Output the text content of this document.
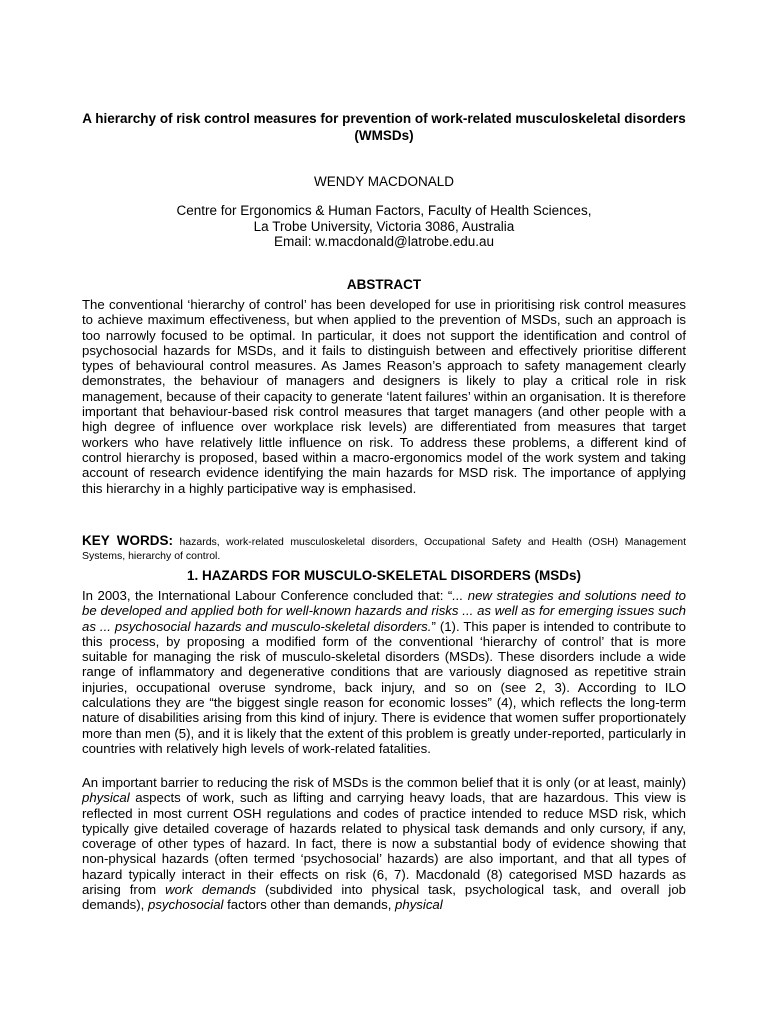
A hierarchy of risk control measures for prevention of work-related musculoskeletal disorders (WMSDs)
WENDY MACDONALD
Centre for Ergonomics & Human Factors, Faculty of Health Sciences,
La Trobe University, Victoria 3086, Australia
Email: w.macdonald@latrobe.edu.au
ABSTRACT

The conventional ‘hierarchy of control’ has been developed for use in prioritising risk control measures to achieve maximum effectiveness, but when applied to the prevention of MSDs, such an approach is too narrowly focused to be optimal. In particular, it does not support the identification and control of psychosocial hazards for MSDs, and it fails to distinguish between and effectively prioritise different types of behavioural control measures. As James Reason’s approach to safety management clearly demonstrates, the behaviour of managers and designers is likely to play a critical role in risk management, because of their capacity to generate ‘latent failures’ within an organisation. It is therefore important that behaviour-based risk control measures that target managers (and other people with a high degree of influence over workplace risk levels) are differentiated from measures that target workers who have relatively little influence on risk. To address these problems, a different kind of control hierarchy is proposed, based within a macro-ergonomics model of the work system and taking account of research evidence identifying the main hazards for MSD risk. The importance of applying this hierarchy in a highly participative way is emphasised.

KEY WORDS: hazards, work-related musculoskeletal disorders, Occupational Safety and Health (OSH) Management Systems, hierarchy of control.

1. HAZARDS FOR MUSCULO-SKELETAL DISORDERS (MSDs)

In 2003, the International Labour Conference concluded that: “... new strategies and solutions need to be developed and applied both for well-known hazards and risks ... as well as for emerging issues such as ... psychosocial hazards and musculo-skeletal disorders.” (1). This paper is intended to contribute to this process, by proposing a modified form of the conventional ‘hierarchy of control’ that is more suitable for managing the risk of musculo-skeletal disorders (MSDs). These disorders include a wide range of inflammatory and degenerative conditions that are variously diagnosed as repetitive strain injuries, occupational overuse syndrome, back injury, and so on (see 2, 3). According to ILO calculations they are “the biggest single reason for economic losses” (4), which reflects the long-term nature of disabilities arising from this kind of injury. There is evidence that women suffer proportionately more than men (5), and it is likely that the extent of this problem is greatly under-reported, particularly in countries with relatively high levels of work-related fatalities.

An important barrier to reducing the risk of MSDs is the common belief that it is only (or at least, mainly) physical aspects of work, such as lifting and carrying heavy loads, that are hazardous. This view is reflected in most current OSH regulations and codes of practice intended to reduce MSD risk, which typically give detailed coverage of hazards related to physical task demands and only cursory, if any, coverage of other types of hazard. In fact, there is now a substantial body of evidence showing that non-physical hazards (often termed ‘psychosocial’ hazards) are also important, and that all types of hazard typically interact in their effects on risk (6, 7). Macdonald (8) categorised MSD hazards as arising from work demands (subdivided into physical task, psychological task, and overall job demands), psychosocial factors other than demands, physical
